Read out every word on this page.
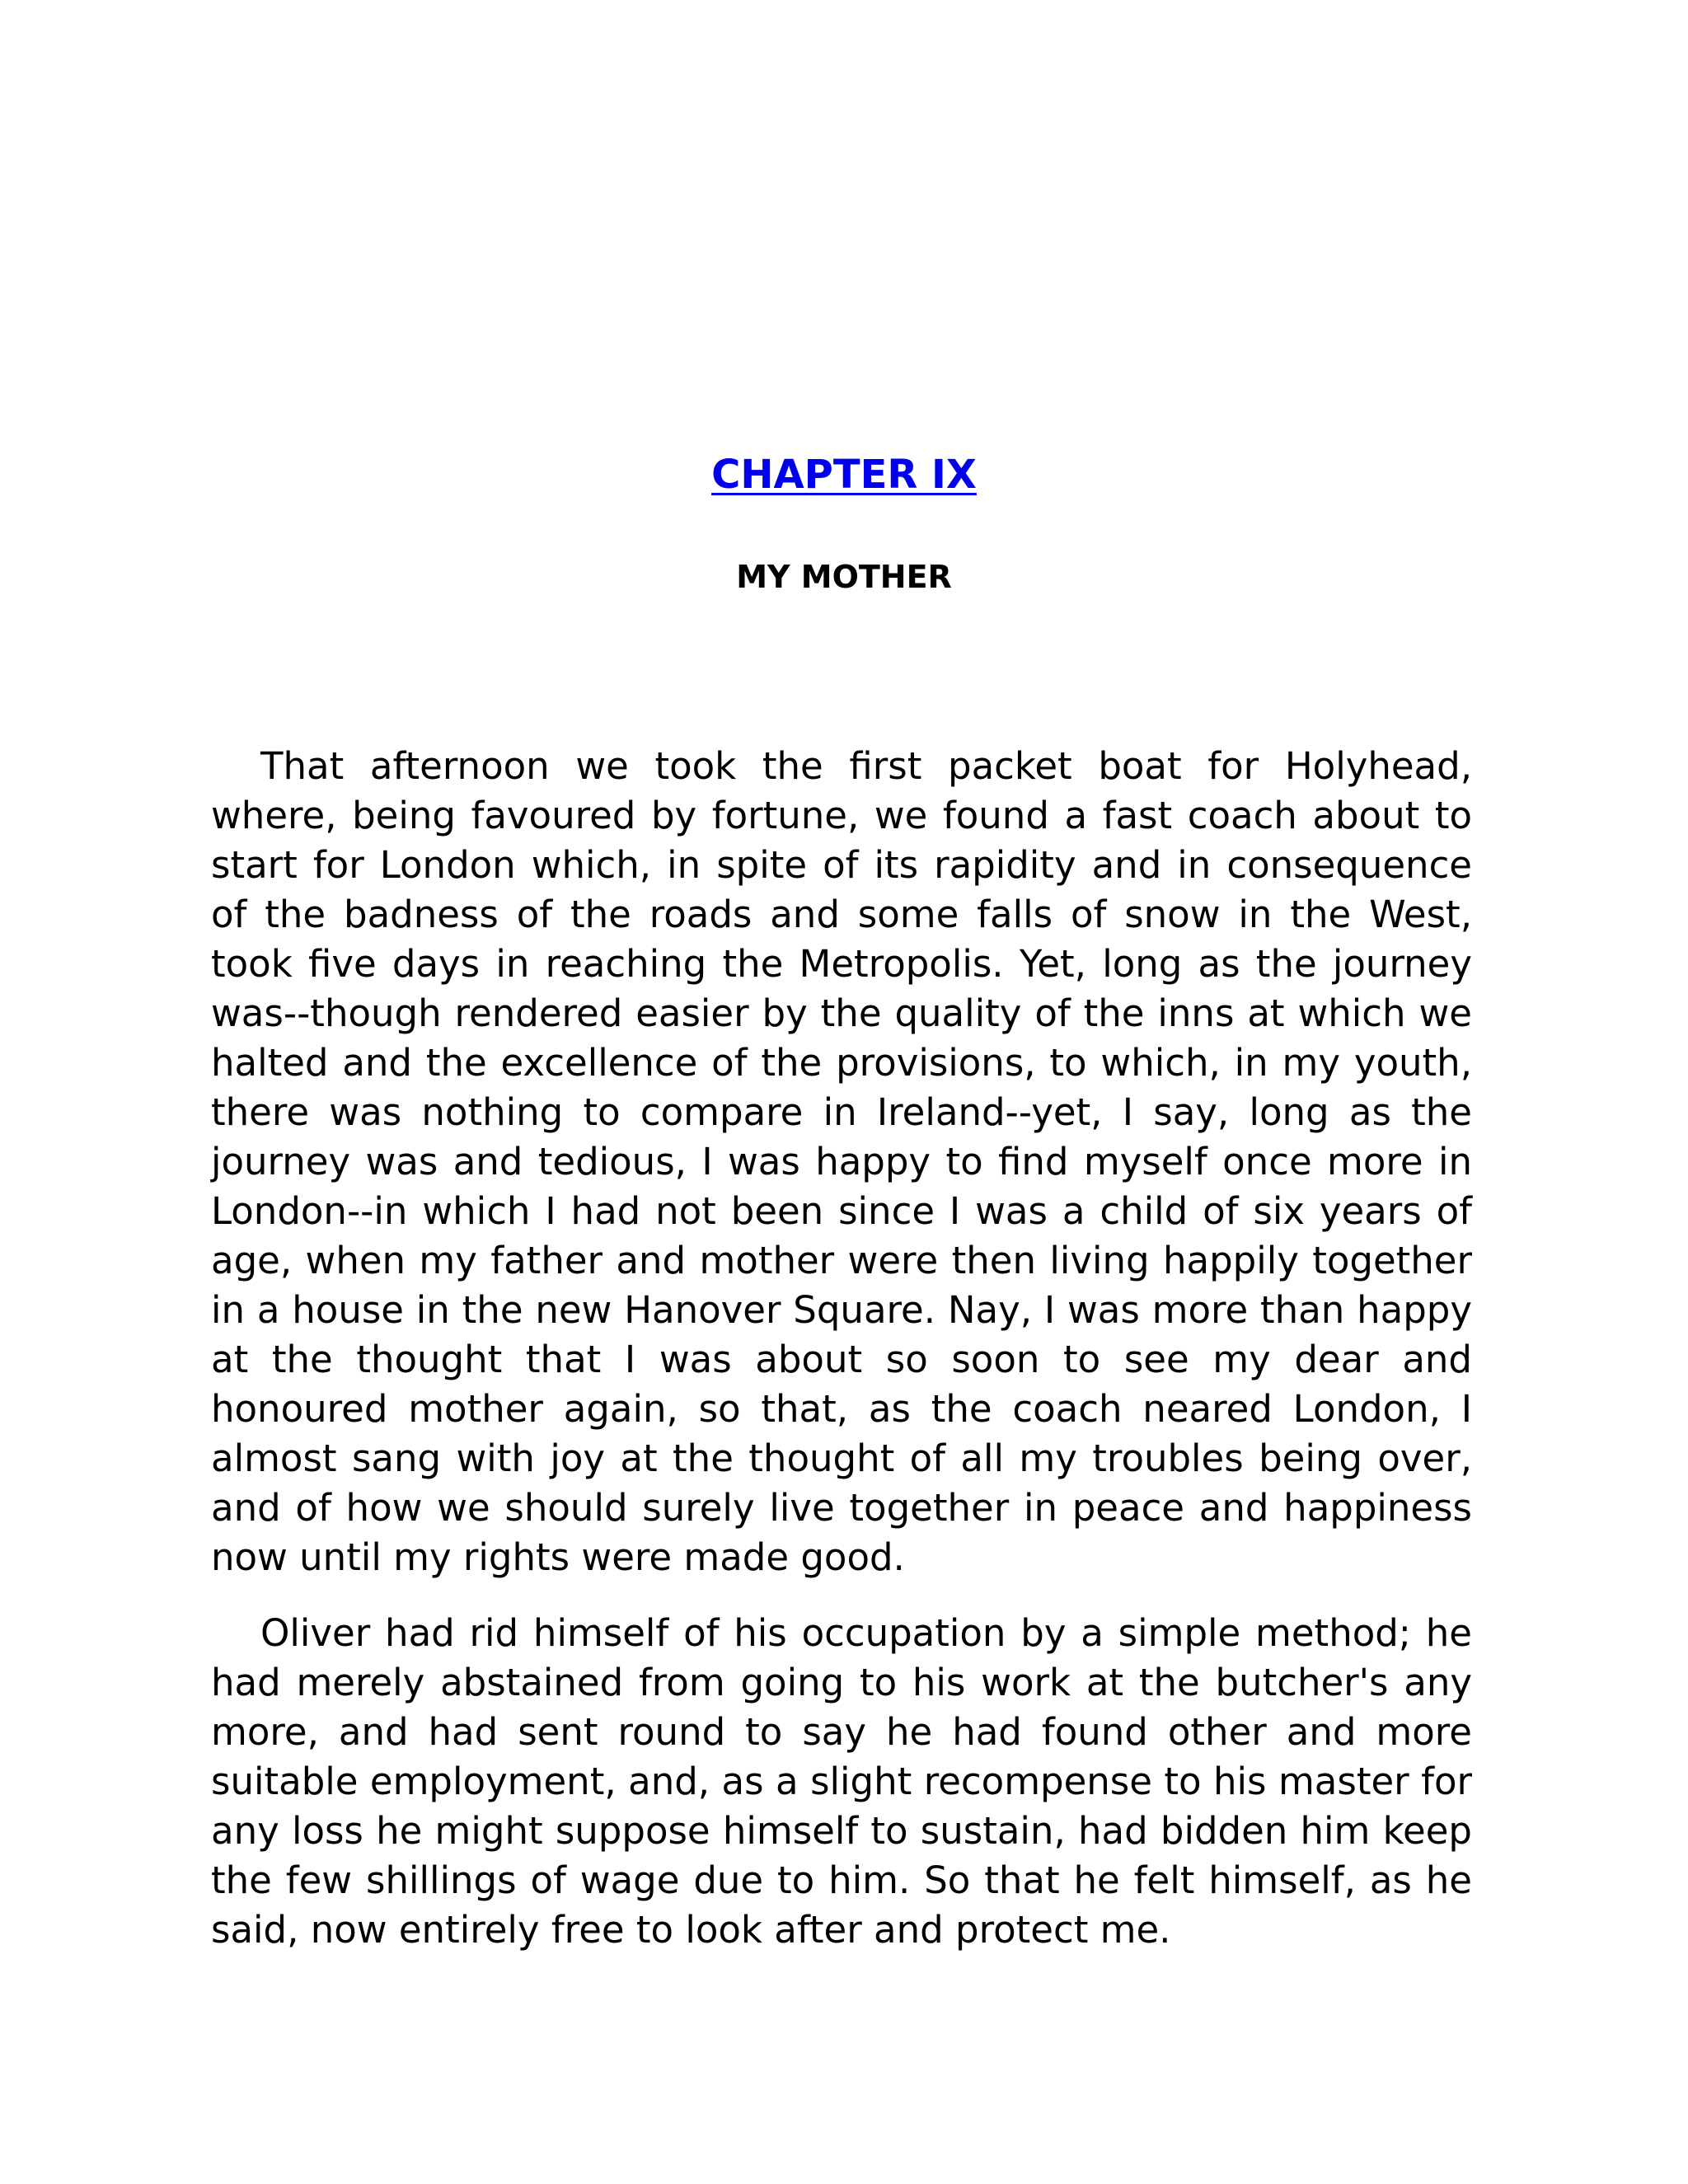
CHAPTER IX
MY MOTHER

That afternoon we took the first packet boat for Holyhead, where, being favoured by fortune, we found a fast coach about to start for London which, in spite of its rapidity and in consequence of the badness of the roads and some falls of snow in the West, took five days in reaching the Metropolis. Yet, long as the journey was--though rendered easier by the quality of the inns at which we halted and the excellence of the provisions, to which, in my youth, there was nothing to compare in Ireland--yet, I say, long as the journey was and tedious, I was happy to find myself once more in London--in which I had not been since I was a child of six years of age, when my father and mother were then living happily together in a house in the new Hanover Square. Nay, I was more than happy at the thought that I was about so soon to see my dear and honoured mother again, so that, as the coach neared London, I almost sang with joy at the thought of all my troubles being over, and of how we should surely live together in peace and happiness now until my rights were made good.

Oliver had rid himself of his occupation by a simple method; he had merely abstained from going to his work at the butcher's any more, and had sent round to say he had found other and more suitable employment, and, as a slight recompense to his master for any loss he might suppose himself to sustain, had bidden him keep the few shillings of wage due to him. So that he felt himself, as he said, now entirely free to look after and protect me.
